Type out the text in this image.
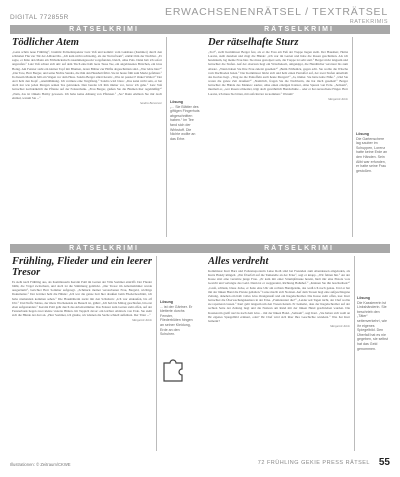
DIGITAL 772855R	ERWACHSENENRÄTSEL / TEXTRÄTSEL
RATEKRIMIS
RÄTSELKRIMI	RÄTSELKRIMI
Tödlicher Atem

„Ganz schön neue Frühling“, brummt Polizeiinspektor Lutz Voß und kommt: vom Gutshaus (Kammer) durch den schmalen Flur zur Tür der Altbauvilla. „Ich kam nicht rechtzeitig, als der Notruf kam“, erklärt ihm der Nachbar. „Er sagte, er hätte den Mann am Frühstückstisch zusammengesackt vorgefunden, bleich, ohne Puls. Dann hab ich sofort angerufen.“ Lutz Voß schaut sich um: auf dem Tisch eine halb leere Tasse Tee, ein angebissenes Brötchen, ein Glas Honig. Am Fenster steht ein kleiner Topf mit Blumen, deren Blätter zur Hälfte abgeschnitten sind. „Wer lebte hier?“ „Der Tote, Herr Berger, und seine Nichte Sandra, die ihm den Haushalt führt. Sie ist heute früh zum Markt gefahren.“ In diesem Moment hält ein Wagen vor dem Haus. Sandra Berger stürzt herein: „Was ist passiert? Onkel Walter!“ Der Arzt hebt den Kopf: „Atemlähmung. Ich vermute eine Vergiftung.“ Sandra wird blass: „Das kann nicht sein, er hat doch nur wie jeden Morgen seinen Tee getrunken. Den bereite ich ihm immer vor, bevor ich gehe.“ Lutz Voß betrachtet nachdenklich die Pflanze auf der Fensterbank. „Frau Berger, gießen Sie die Blumen hier regelmäßig?“ „Nein, das ist Onkels Hobby gewesen. Ich habe keine Ahnung von Pflanzen.“ „So? Dann erklären Sie mir doch einmal, warum Sie ...“

Sandra Beeeeeeee Lösung
„... Sie Blätter des giftigen Fingerhuts abgeschnitten haben.“ Im Tee fand sich der Wirkstoff. Die Nichte wollte an das Erbe.
Der rätselhafte Sturz

„Tot!“, stellt Kommissar Berger fest, als er die Frau am Fuß der Treppe liegen sieht. Der Hausherr, Heinz Lorenz, steht daneben und ringt die Hände: „Ich war im Garten und habe die Rosen geschnitten. Als ich hereinkam, lag meine Frau hier. Sie muss gestolpert sein, die Treppe ist sehr steil.“ Berger nickt langsam und betrachtet die Stufen. Auf der obersten liegt ein Wäschekorb, umgekippt, die Handtücher verstreut bis zum Absatz. „Wann haben Sie Ihre Frau zuletzt gesehen?“ „Beim Frühstück, gegen acht. Sie wollte die Wäsche vom Dachboden holen.“ Der Kommissar bückt sich und hebt einen Pantoffel auf, der zwei Stufen unterhalb des Korbes liegt. „Trug sie die Pantoffeln auch heute Morgen?“ „Ja, immer. Sie hatte kalte Füße.“ „Und Sie waren die ganze Zeit draußen?“ „Natürlich, fragen Sie die Nachbarin, die hat mich gesehen!“ Berger betrachtet die Hände des Mannes: sauber, ohne einen einzigen Kratzer, ohne Spuren von Erde. „Seltsam“, murmelt er, „wer Rosen schneidet, trägt doch gewöhnlich Handschuhe – oder er hat zerstochene Finger. Herr Lorenz, ich muss Sie bitten, mit aufs Revier zu kommen.“ Warum?

Margarete Klein
Lösung
Die Gartenschere lag sauber im Schuppen, Lorenz hatte keine Erde an den Händen. Sein Alibi war erfunden, er hatte seine Frau gestoßen.
RÄTSELKRIMI	RÄTSELKRIMI
Frühling, Flieder und ein leerer Tresor

Es sieht nach Frühling aus, als Kommissarin Kerstin Pohl im Garten der Villa Sommer eintrifft. Der Flieder blüht, die Vögel zwitschern, und doch ist die Stimmung gedrückt. „Der Tresor im Arbeitszimmer wurde ausgeräumt“, berichtet Herr Sommer aufgeregt. „Schmuck meiner verstorbenen Frau, Bargeld, wichtige Dokumente.“ Der Gärtner hebt die Hände: „Ich war die ganze Zeit hier draußen beim Fliederbeschnitt, ich habe niemanden kommen sehen.“ Die Haushälterin zuckt mit den Schultern: „Ich war einkaufen, bis elf Uhr.“ Und Neffe Tobias, der übers Wochenende zu Besuch ist, gähnt: „Ich hab bis Mittag geschlafen, bin erst eben aufgestanden.“ Kerstin Pohl geht durch das Arbeitszimmer. Das Fenster zum Garten steht offen, auf der Fensterbank liegen zwei kleine violette Blüten. Im Teppich davor: ein leichter Abdruck von Erde. Sie sieht sich die Hände der drei an. „Herr Sommer, ich glaube, wir können die Sache schnell aufklären. Der Täter ...“

Margarete Klein
Lösung
... ist der Gärtner. Er kletterte durchs Fenster, Fliederblüten hingen an seiner Kleidung, Erde an den Schuhen.
Alles verdreht

Kommissar Kurt Barz und Polizeireporterin Luise Roth sind bei Freunden zum Abendessen eingeladen, als Kurts Handy klingelt. „Ein Überfall auf die Tankstelle an der Ecke“, sagt er knapp. „Wir fahren hin.“ An der Kasse sitzt eine verstörte junge Frau. „Er kam mit einer Strumpfmaske herein, hielt mir eine Pistole vors Gesicht und verlangte das Geld. Dann ist er weggerannt, Richtung Bahnhof.“ „Können Sie ihn beschreiben?“ „Groß, schlank, blaue Jacke, er hatte eine Uhr am rechten Handgelenk, das weiß ich noch genau. Und er hat mit der linken Hand die Pistole gehalten.“ Luise macht sich Notizen. Auf dem Tresen liegt eine aufgeschlagene Zeitung, daneben ein halb volles Glas Orangensaft und ein Kugelschreiber. Die Kasse steht offen, leer. Kurt betrachtet die Überwachungskamera in der Ecke. „Funktioniert die?“ „Leider seit Tagen nicht, der Chef wollte sie reparieren lassen.“ Kurt geht langsam um den Tresen herum. Er bemerkt, dass der Kugelschreiber auf der rechten Seite der Zeitung liegt und die Notizen am Rand mit der linken Hand geschrieben wurden. Die Kassiererin greift nervös nach dem Glas – mit der linken Hand. „Seltsam“, sagt Kurt. „Sie haben sich wohl an Ihr eigenes Spiegelbild erinnert, oder? Ihr Chef wird sich über Ihre Geschichte wundern.“ Was hat Kurt bemerkt?

Margarete Klein
Lösung
Die Kassiererin ist Linkshänderin. Sie beschrieb den „Täter“ seitenverkehrt, wie ihr eigenes Spiegelbild. Den Überfall hat es nie gegeben, sie selbst hat das Geld genommen.
Illustrationen: © Zeitraum/CKWE	72 FRÜHLING GEKIE PRESS RÄTSEL 55
